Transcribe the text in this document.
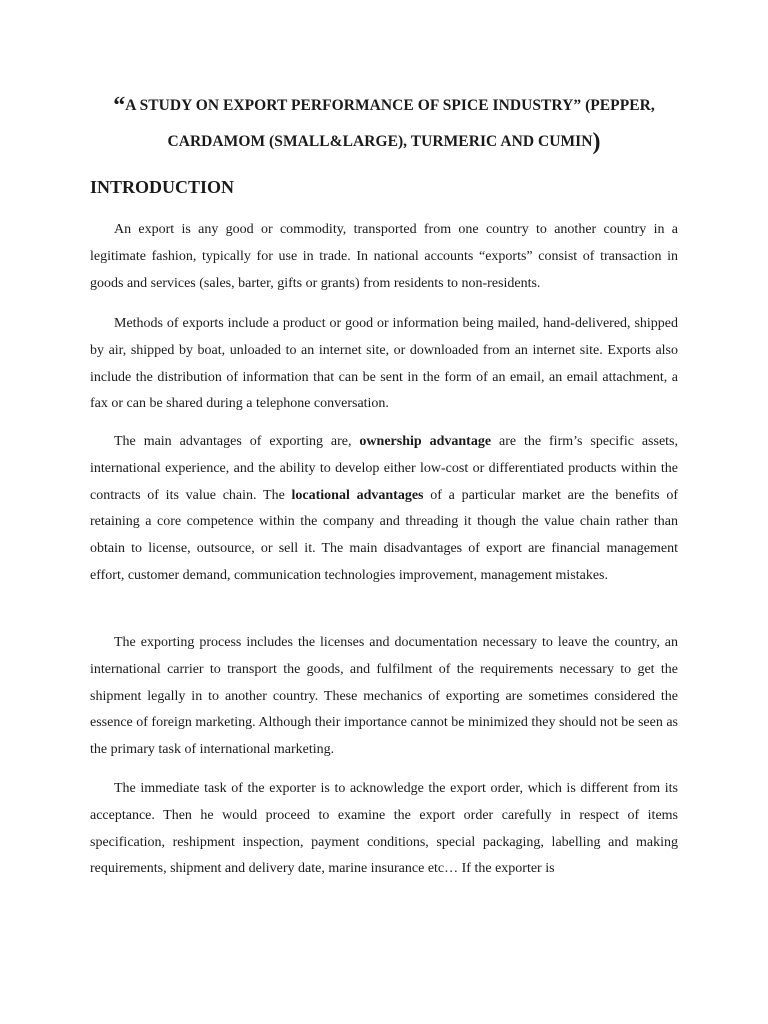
“A STUDY ON EXPORT PERFORMANCE OF SPICE INDUSTRY” (PEPPER,
CARDAMOM (SMALL&LARGE), TURMERIC AND CUMIN)
INTRODUCTION

An export is any good or commodity, transported from one country to another country in a legitimate fashion, typically for use in trade. In national accounts “exports” consist of transaction in goods and services (sales, barter, gifts or grants) from residents to non-residents.

Methods of exports include a product or good or information being mailed, hand-delivered, shipped by air, shipped by boat, unloaded to an internet site, or downloaded from an internet site. Exports also include the distribution of information that can be sent in the form of an email, an email attachment, a fax or can be shared during a telephone conversation.

The main advantages of exporting are, ownership advantage are the firm’s specific assets, international experience, and the ability to develop either low-cost or differentiated products within the contracts of its value chain. The locational advantages of a particular market are the benefits of retaining a core competence within the company and threading it though the value chain rather than obtain to license, outsource, or sell it. The main disadvantages of export are financial management effort, customer demand, communication technologies improvement, management mistakes.

The exporting process includes the licenses and documentation necessary to leave the country, an international carrier to transport the goods, and fulfilment of the requirements necessary to get the shipment legally in to another country. These mechanics of exporting are sometimes considered the essence of foreign marketing. Although their importance cannot be minimized they should not be seen as the primary task of international marketing.

The immediate task of the exporter is to acknowledge the export order, which is different from its acceptance. Then he would proceed to examine the export order carefully in respect of items specification, reshipment inspection, payment conditions, special packaging, labelling and making requirements, shipment and delivery date, marine insurance etc… If the exporter is
